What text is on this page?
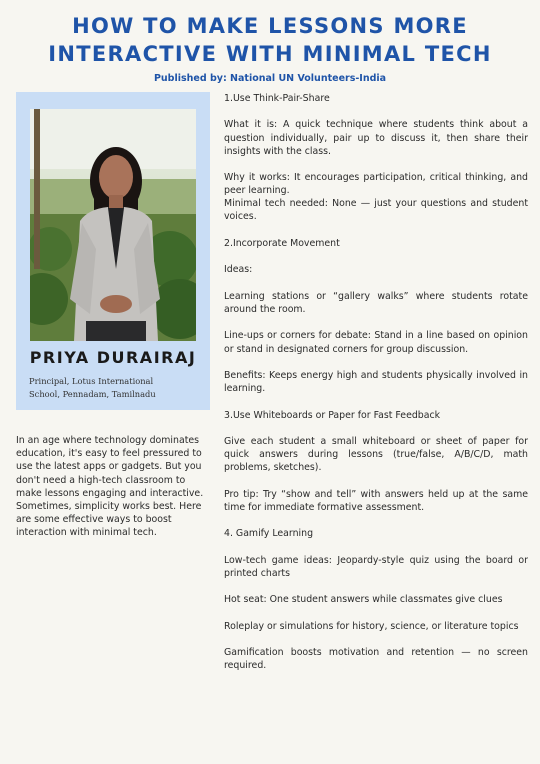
HOW TO MAKE LESSONS MORE
INTERACTIVE WITH MINIMAL TECH
Published by: National UN Volunteers-India
PRIYA DURAIRAJ
Principal, Lotus International
School, Pennadam, Tamilnadu
In an age where technology dominates education, it's easy to feel pressured to use the latest apps or gadgets. But you don't need a high-tech classroom to make lessons engaging and interactive. Sometimes, simplicity works best. Here are some effective ways to boost interaction with minimal tech.

1.Use Think-Pair-Share

What it is: A quick technique where students think about a question individually, pair up to discuss it, then share their insights with the class.

Why it works: It encourages participation, critical thinking, and peer learning.

Minimal tech needed: None — just your questions and student voices.

2.Incorporate Movement

Ideas:

Learning stations or “gallery walks” where students rotate around the room.

Line-ups or corners for debate: Stand in a line based on opinion or stand in designated corners for group discussion.

Benefits: Keeps energy high and students physically involved in learning.

3.Use Whiteboards or Paper for Fast Feedback

Give each student a small whiteboard or sheet of paper for quick answers during lessons (true/false, A/B/C/D, math problems, sketches).

Pro tip: Try “show and tell” with answers held up at the same time for immediate formative assessment.

4. Gamify Learning

Low-tech game ideas: Jeopardy-style quiz using the board or printed charts

Hot seat: One student answers while classmates give clues

Roleplay or simulations for history, science, or literature topics

Gamification boosts motivation and retention — no screen required.
